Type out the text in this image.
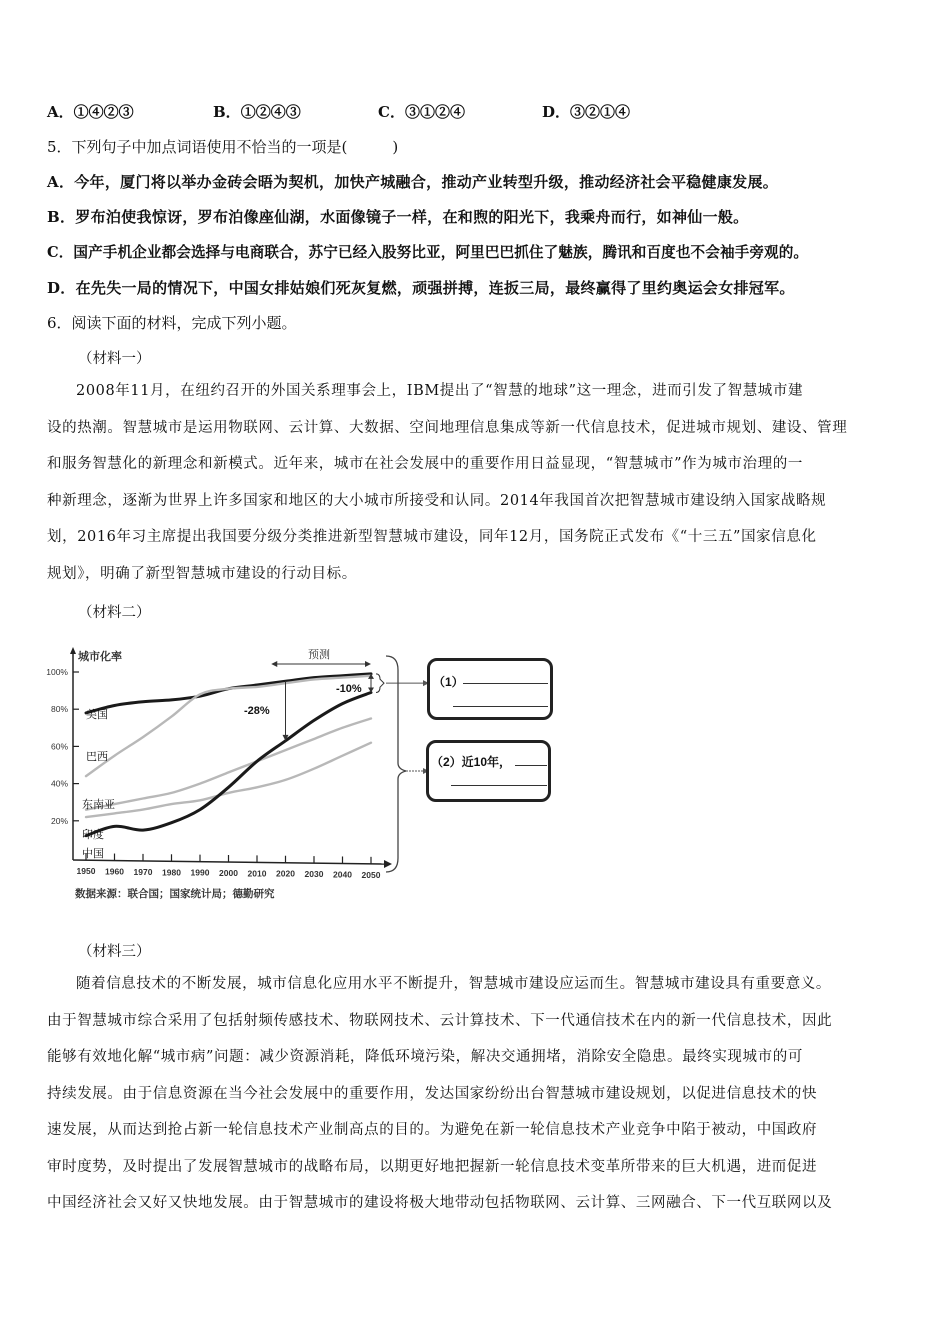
A．①④②③	B．①②④③	C．③①②④	D．③②①④
5．下列句子中加点词语使用不恰当的一项是(　　　)
A．今年，厦门将以举办金砖会晤为契机，加快产城融合，推动产业转型升级，推动经济社会平稳健康发展。
B．罗布泊使我惊讶，罗布泊像座仙湖，水面像镜子一样，在和煦的阳光下，我乘舟而行，如神仙一般。
C．国产手机企业都会选择与电商联合，苏宁已经入股努比亚，阿里巴巴抓住了魅族，腾讯和百度也不会袖手旁观的。
D．在先失一局的情况下，中国女排姑娘们死灰复燃，顽强拼搏，连扳三局，最终赢得了里约奥运会女排冠军。
6．阅读下面的材料，完成下列小题。
（材料一）
2008年11月，在纽约召开的外国关系理事会上，IBM提出了“智慧的地球”这一理念，进而引发了智慧城市建
设的热潮。智慧城市是运用物联网、云计算、大数据、空间地理信息集成等新一代信息技术，促进城市规划、建设、管理
和服务智慧化的新理念和新模式。近年来，城市在社会发展中的重要作用日益显现，“智慧城市”作为城市治理的一
种新理念，逐渐为世界上许多国家和地区的大小城市所接受和认同。2014年我国首次把智慧城市建设纳入国家战略规
划，2016年习主席提出我国要分级分类推进新型智慧城市建设，同年12月，国务院正式发布《“十三五”国家信息化
规划》，明确了新型智慧城市建设的行动目标。
（材料二）
20%
40%
60%
80%
100%
1950 1960 1970 1980 1990 2000 2010 2020 2030 2040 2050
城市化率	预测
-28%
-10%
美国
巴西
东南亚
印度
中国
数据来源：联合国；国家统计局；德勤研究
（1）
（2）近10年，
（材料三）
随着信息技术的不断发展，城市信息化应用水平不断提升，智慧城市建设应运而生。智慧城市建设具有重要意义。
由于智慧城市综合采用了包括射频传感技术、物联网技术、云计算技术、下一代通信技术在内的新一代信息技术，因此
能够有效地化解“城市病”问题：减少资源消耗，降低环境污染，解决交通拥堵，消除安全隐患。最终实现城市的可
持续发展。由于信息资源在当今社会发展中的重要作用，发达国家纷纷出台智慧城市建设规划，以促进信息技术的快
速发展，从而达到抢占新一轮信息技术产业制高点的目的。为避免在新一轮信息技术产业竞争中陷于被动，中国政府
审时度势，及时提出了发展智慧城市的战略布局，以期更好地把握新一轮信息技术变革所带来的巨大机遇，进而促进
中国经济社会又好又快地发展。由于智慧城市的建设将极大地带动包括物联网、云计算、三网融合、下一代互联网以及
